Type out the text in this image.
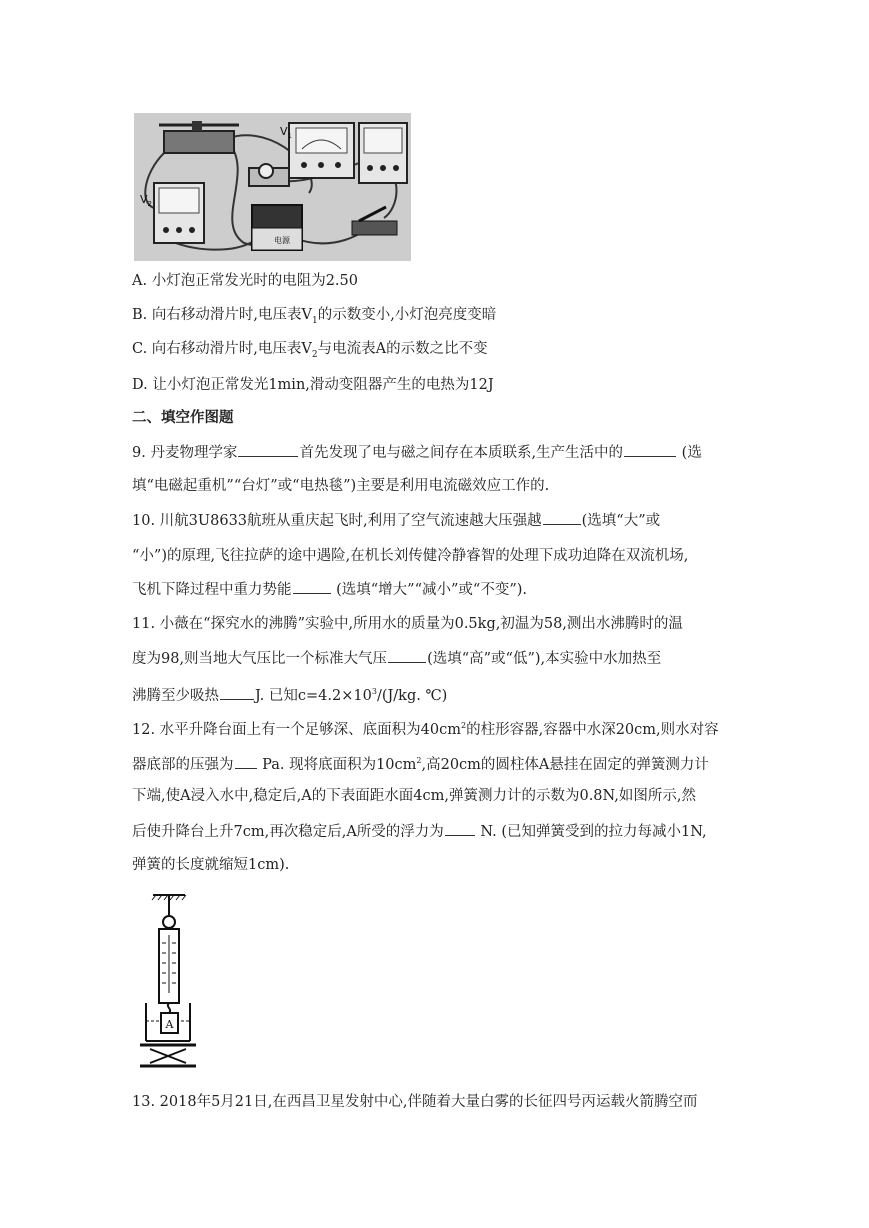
$V_1$
$V_2$
电源
A. 小灯泡正常发光时的电阻为2.50
B. 向右移动滑片时,电压表$V_1$的示数变小,小灯泡亮度变暗
C. 向右移动滑片时,电压表$V_2$与电流表A的示数之比不变
D. 让小灯泡正常发光1min,滑动变阻器产生的电热为12J
二、填空作图题
9. 丹麦物理学家	首先发现了电与磁之间存在本质联系,生产生活中的	(选
填“电磁起重机”“台灯”或“电热毯”)主要是利用电流磁效应工作的.
10. 川航3U8633航班从重庆起飞时,利用了空气流速越大压强越	(选填“大”或
“小”)的原理,飞往拉萨的途中遇险,在机长刘传健冷静睿智的处理下成功迫降在双流机场,
飞机下降过程中重力势能	(选填“增大”“减小”或“不变”).
11. 小薇在“探究水的沸腾”实验中,所用水的质量为0.5kg,初温为58,测出水沸腾时的温
度为98,则当地大气压比一个标准大气压	(选填“高”或“低”),本实验中水加热至
沸腾至少吸热 J. 已知$c=4.2\times 10^3/(J/kg$. ℃)
12. 水平升降台面上有一个足够深、底面积为$40cm^2$的柱形容器,容器中水深20cm,则水对容
器底部的压强为 Pa. 现将底面积为$10cm^2$,高20cm的圆柱体A悬挂在固定的弹簧测力计
下端,使A浸入水中,稳定后,A的下表面距水面4cm,弹簧测力计的示数为0.8N,如图所示,然
后使升降台上升7cm,再次稳定后,A所受的浮力为	N. (已知弹簧受到的拉力每减小1N,
弹簧的长度就缩短1cm).
A
13. 2018年5月21日,在西昌卫星发射中心,伴随着大量白雾的长征四号丙运载火箭腾空而
